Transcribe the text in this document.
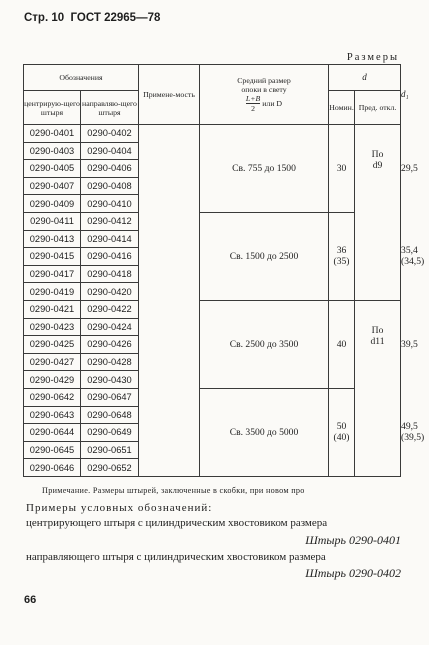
Стр. 10 ГОСТ 22965—78
Размеры
Обозначения		Примене-мость	Средний размер
опоки в свету
$\frac{L+B}{2}$ или D	d		d₁
центрирую-щего штыря	направляю-щего штыря			Номин.	Пред. откл.	
0290-0401	0290-0402		Св. 755 до 1500	30	По
d9	29,5
0290-0403	0290-0404					
0290-0405	0290-0406					
0290-0407	0290-0408					
0290-0409	0290-0410					
0290-0411	0290-0412		Св. 1500 до 2500	36
(35)		35,4
(34,5)
0290-0413	0290-0414					
0290-0415	0290-0416					
0290-0417	0290-0418					
0290-0419	0290-0420					
0290-0421	0290-0422		Св. 2500 до 3500	40	По
d11	39,5
0290-0423	0290-0424					
0290-0425	0290-0426					
0290-0427	0290-0428					
0290-0429	0290-0430					
0290-0642	0290-0647		Св. 3500 до 5000	50
(40)		49,5
(39,5)
0290-0643	0290-0648					
0290-0644	0290-0649					
0290-0645	0290-0651					
0290-0646	0290-0652					
Примечание. Размеры штырей, заключенные в скобки, при новом про
Примеры условных обозначений:
центрирующего штыря с цилиндрическим хвостовиком размера
Штырь 0290-0401
направляющего штыря с цилиндрическим хвостовиком размера
Штырь 0290-0402
66
